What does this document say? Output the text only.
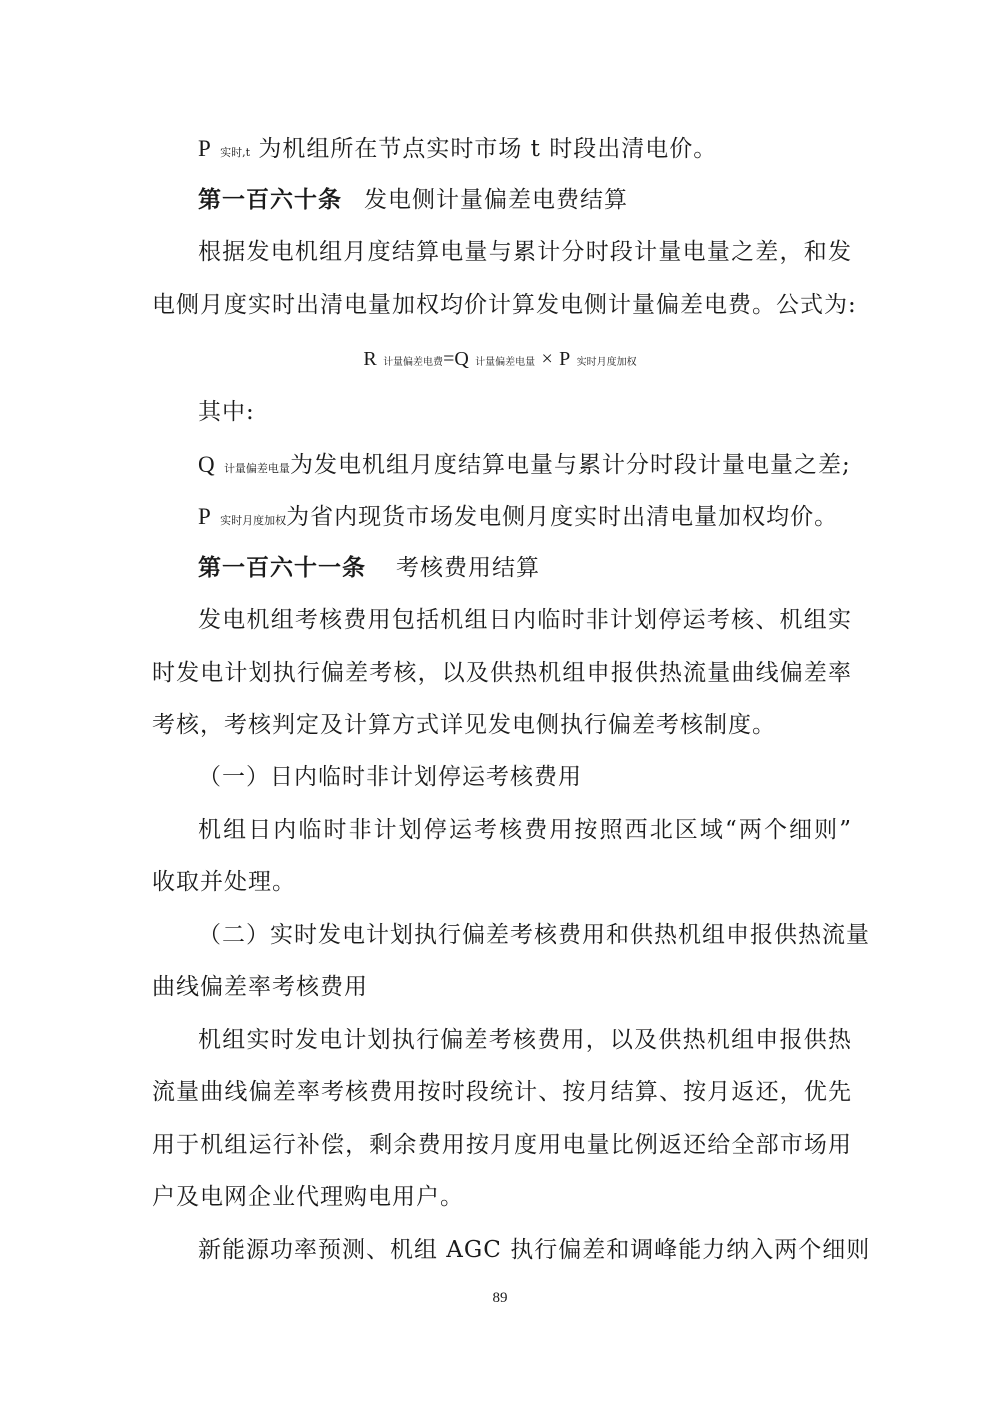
P 实时,t 为机组所在节点实时市场 t 时段出清电价。
第一百六十条 发电侧计量偏差电费结算
根据发电机组月度结算电量与累计分时段计量电量之差，和发
电侧月度实时出清电量加权均价计算发电侧计量偏差电费。公式为:
R 计量偏差电费=Q 计量偏差电量 × P 实时月度加权
其中:
Q 计量偏差电量为发电机组月度结算电量与累计分时段计量电量之差;
P 实时月度加权为省内现货市场发电侧月度实时出清电量加权均价。
第一百六十一条 考核费用结算
发电机组考核费用包括机组日内临时非计划停运考核、机组实
时发电计划执行偏差考核，以及供热机组申报供热流量曲线偏差率
考核，考核判定及计算方式详见发电侧执行偏差考核制度。
（一）日内临时非计划停运考核费用
机组日内临时非计划停运考核费用按照西北区域“两个细则”
收取并处理。
（二）实时发电计划执行偏差考核费用和供热机组申报供热流量
曲线偏差率考核费用
机组实时发电计划执行偏差考核费用，以及供热机组申报供热
流量曲线偏差率考核费用按时段统计、按月结算、按月返还，优先
用于机组运行补偿，剩余费用按月度用电量比例返还给全部市场用
户及电网企业代理购电用户。
新能源功率预测、机组 AGC 执行偏差和调峰能力纳入两个细则
89
